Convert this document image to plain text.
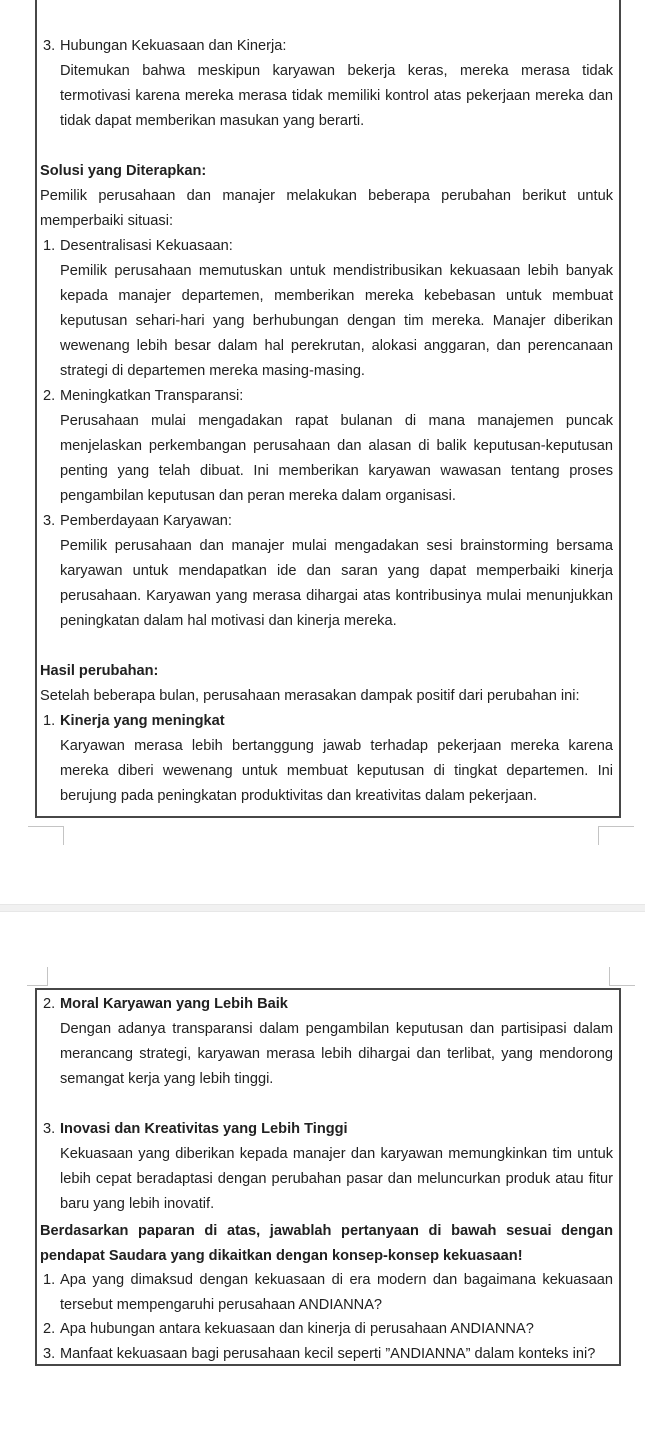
3. Hubungan Kekuasaan dan Kinerja:
Ditemukan bahwa meskipun karyawan bekerja keras, mereka merasa tidak termotivasi karena mereka merasa tidak memiliki kontrol atas pekerjaan mereka dan tidak dapat memberikan masukan yang berarti.
Solusi yang Diterapkan:
Pemilik perusahaan dan manajer melakukan beberapa perubahan berikut untuk memperbaiki situasi:
1. Desentralisasi Kekuasaan:
Pemilik perusahaan memutuskan untuk mendistribusikan kekuasaan lebih banyak kepada manajer departemen, memberikan mereka kebebasan untuk membuat keputusan sehari-hari yang berhubungan dengan tim mereka. Manajer diberikan wewenang lebih besar dalam hal perekrutan, alokasi anggaran, dan perencanaan strategi di departemen mereka masing-masing.
2. Meningkatkan Transparansi:
Perusahaan mulai mengadakan rapat bulanan di mana manajemen puncak menjelaskan perkembangan perusahaan dan alasan di balik keputusan-keputusan penting yang telah dibuat. Ini memberikan karyawan wawasan tentang proses pengambilan keputusan dan peran mereka dalam organisasi.
3. Pemberdayaan Karyawan:
Pemilik perusahaan dan manajer mulai mengadakan sesi brainstorming bersama karyawan untuk mendapatkan ide dan saran yang dapat memperbaiki kinerja perusahaan. Karyawan yang merasa dihargai atas kontribusinya mulai menunjukkan peningkatan dalam hal motivasi dan kinerja mereka.
Hasil perubahan:
Setelah beberapa bulan, perusahaan merasakan dampak positif dari perubahan ini:
1. Kinerja yang meningkat
Karyawan merasa lebih bertanggung jawab terhadap pekerjaan mereka karena mereka diberi wewenang untuk membuat keputusan di tingkat departemen. Ini berujung pada peningkatan produktivitas dan kreativitas dalam pekerjaan.
2. Moral Karyawan yang Lebih Baik
Dengan adanya transparansi dalam pengambilan keputusan dan partisipasi dalam merancang strategi, karyawan merasa lebih dihargai dan terlibat, yang mendorong semangat kerja yang lebih tinggi.
3. Inovasi dan Kreativitas yang Lebih Tinggi
Kekuasaan yang diberikan kepada manajer dan karyawan memungkinkan tim untuk lebih cepat beradaptasi dengan perubahan pasar dan meluncurkan produk atau fitur baru yang lebih inovatif.
Berdasarkan paparan di atas, jawablah pertanyaan di bawah sesuai dengan pendapat Saudara yang dikaitkan dengan konsep-konsep kekuasaan!
1. Apa yang dimaksud dengan kekuasaan di era modern dan bagaimana kekuasaan tersebut mempengaruhi perusahaan ANDIANNA?
2. Apa hubungan antara kekuasaan dan kinerja di perusahaan ANDIANNA?
3. Manfaat kekuasaan bagi perusahaan kecil seperti ”ANDIANNA” dalam konteks ini?
